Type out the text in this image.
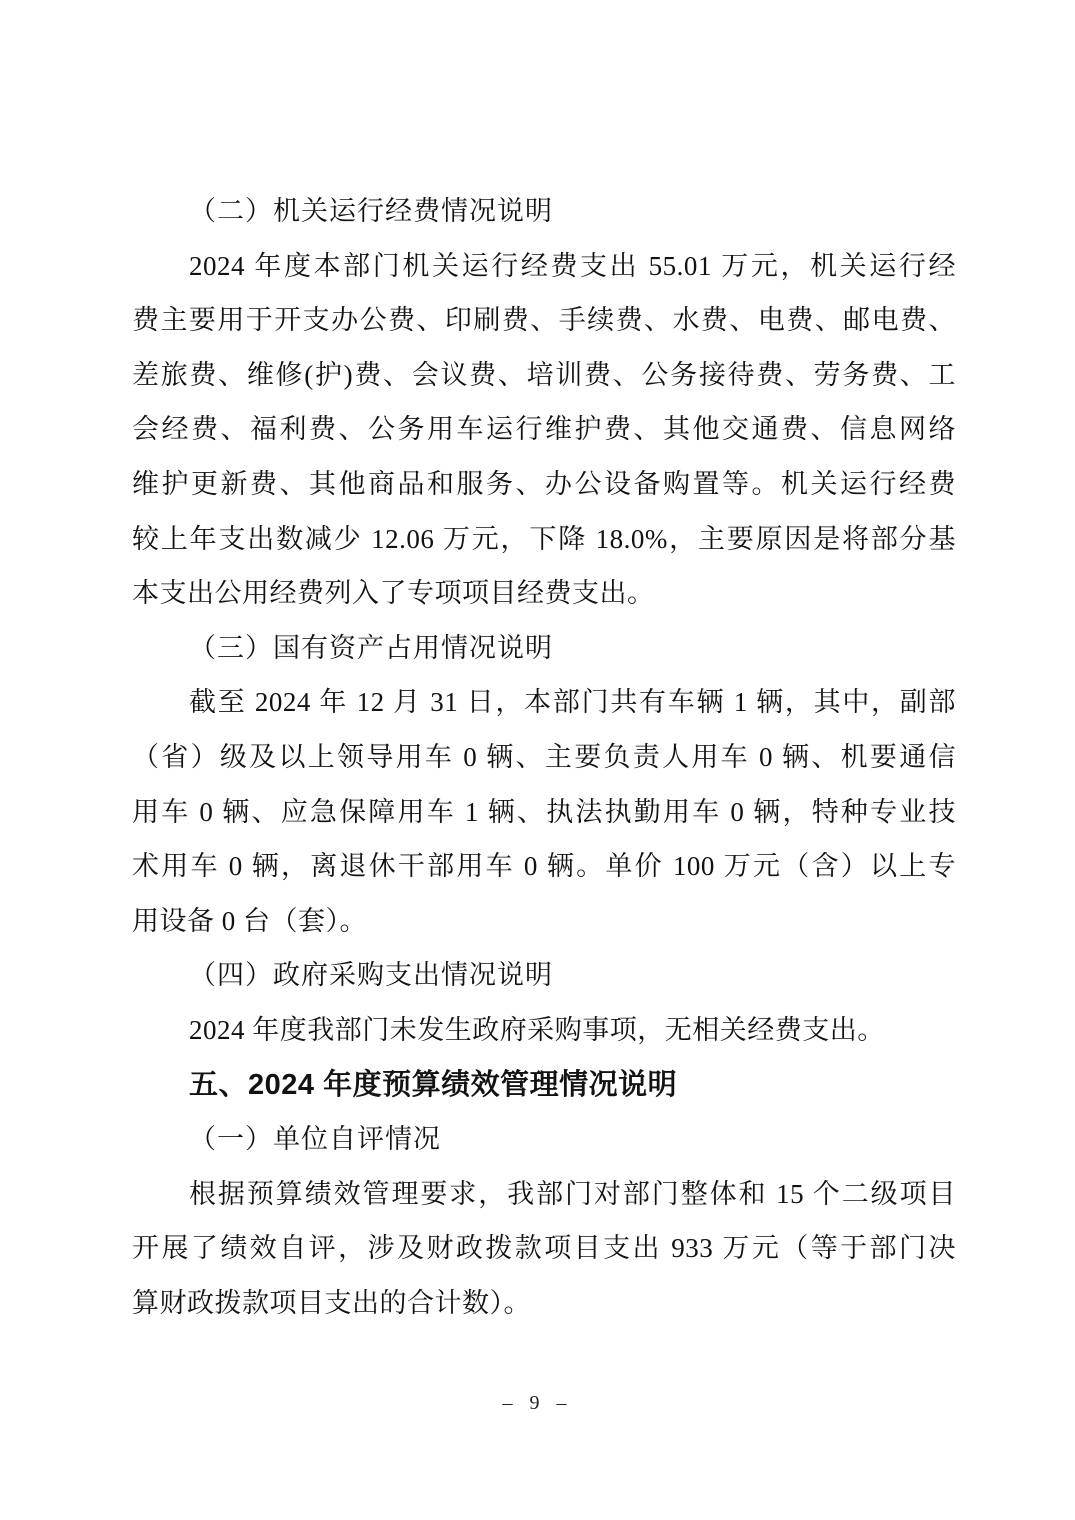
（二）机关运行经费情况说明
2024 年度本部门机关运行经费支出 55.01 万元，机关运行经
费主要用于开支办公费、印刷费、手续费、水费、电费、邮电费、
差旅费、维修(护)费、会议费、培训费、公务接待费、劳务费、工
会经费、福利费、公务用车运行维护费、其他交通费、信息网络
维护更新费、其他商品和服务、办公设备购置等。机关运行经费
较上年支出数减少 12.06 万元，下降 18.0%，主要原因是将部分基
本支出公用经费列入了专项项目经费支出。
（三）国有资产占用情况说明
截至 2024 年 12 月 31 日，本部门共有车辆 1 辆，其中，副部
（省）级及以上领导用车 0 辆、主要负责人用车 0 辆、机要通信
用车 0 辆、应急保障用车 1 辆、执法执勤用车 0 辆，特种专业技
术用车 0 辆，离退休干部用车 0 辆。单价 100 万元（含）以上专
用设备 0 台（套）。
（四）政府采购支出情况说明
2024 年度我部门未发生政府采购事项，无相关经费支出。
五、2024 年度预算绩效管理情况说明
（一）单位自评情况
根据预算绩效管理要求，我部门对部门整体和 15 个二级项目
开展了绩效自评，涉及财政拨款项目支出 933 万元（等于部门决
算财政拨款项目支出的合计数）。
– 9 –
